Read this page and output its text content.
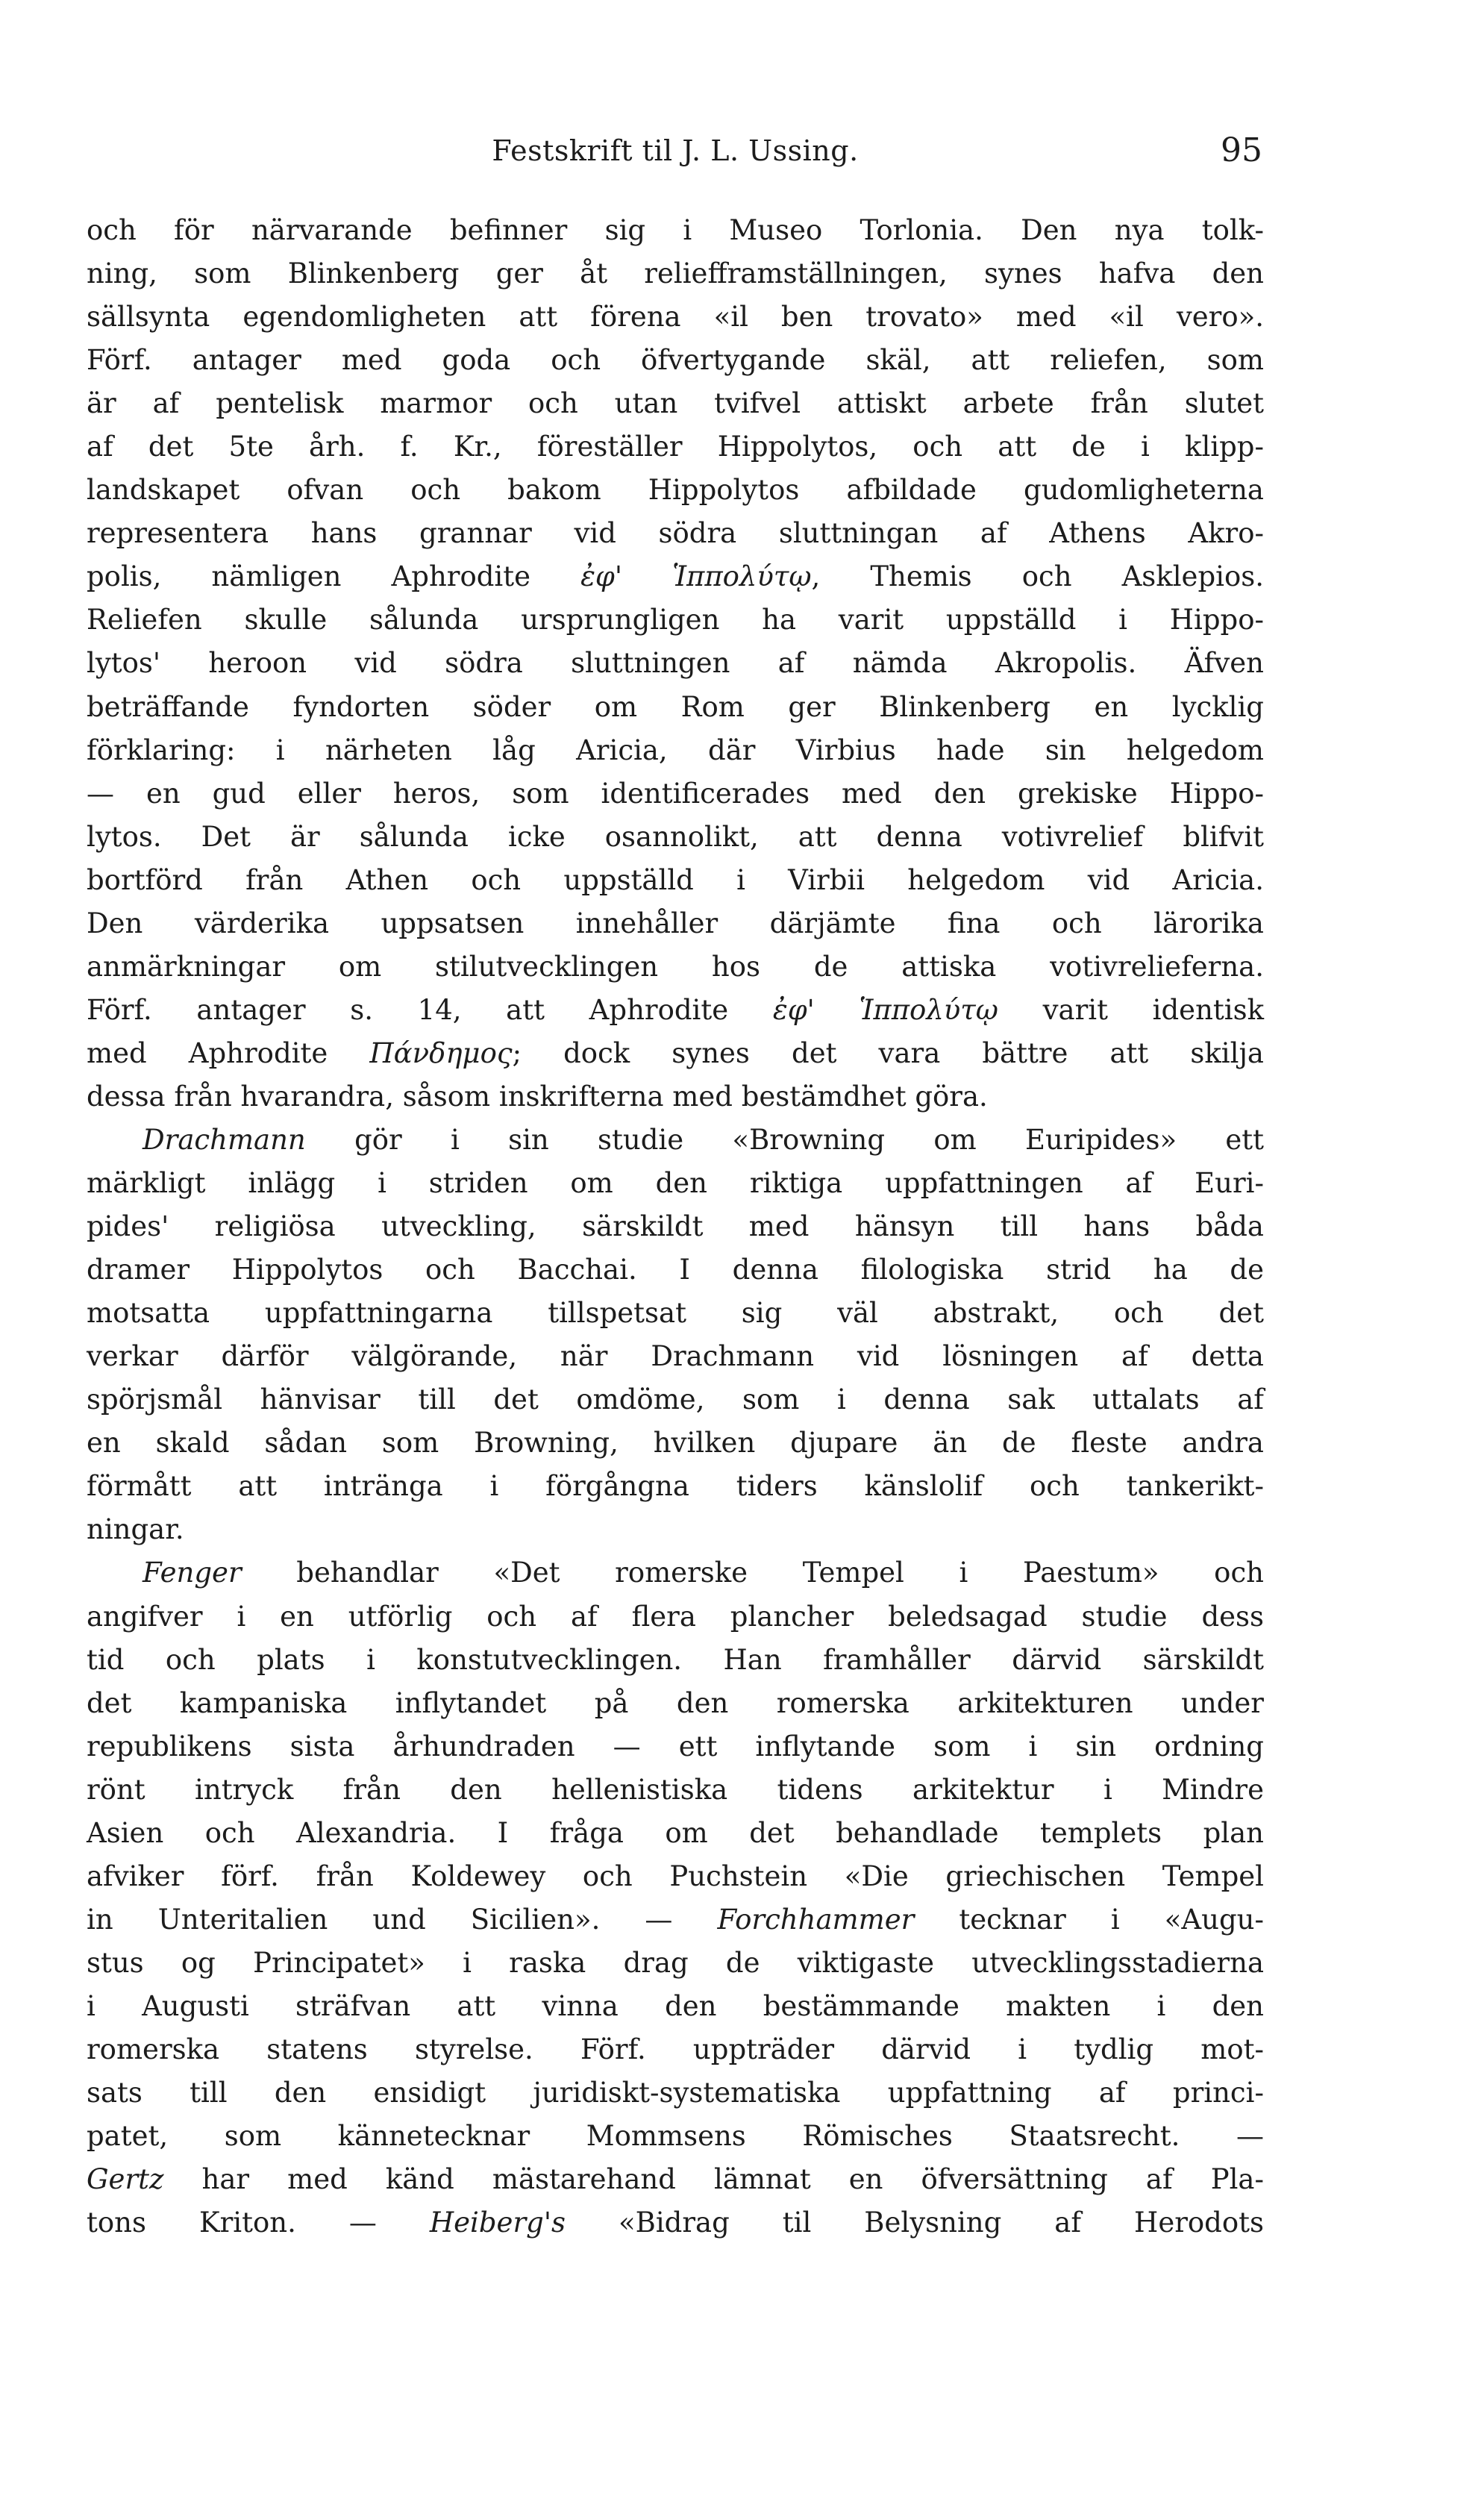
Festskrift til J. L. Ussing.	95
och för närvarande befinner sig i Museo Torlonia. Den nya tolk-
ning, som Blinkenberg ger åt reliefframställningen, synes hafva den
sällsynta egendomligheten att förena «il ben trovato» med «il vero».
Förf. antager med goda och öfvertygande skäl, att reliefen, som
är af pentelisk marmor och utan tvifvel attiskt arbete från slutet
af det 5te årh. f. Kr., föreställer Hippolytos, och att de i klipp-
landskapet ofvan och bakom Hippolytos afbildade gudomligheterna
representera hans grannar vid södra sluttningan af Athens Akro-
polis, nämligen Aphrodite ἐφ' Ἱππολύτῳ, Themis och Asklepios.
Reliefen skulle sålunda ursprungligen ha varit uppställd i Hippo-
lytos' heroon vid södra sluttningen af nämda Akropolis. Äfven
beträffande fyndorten söder om Rom ger Blinkenberg en lycklig
förklaring: i närheten låg Aricia, där Virbius hade sin helgedom
— en gud eller heros, som identificerades med den grekiske Hippo-
lytos. Det är sålunda icke osannolikt, att denna votivrelief blifvit
bortförd från Athen och uppställd i Virbii helgedom vid Aricia.
Den värderika uppsatsen innehåller därjämte fina och lärorika
anmärkningar om stilutvecklingen hos de attiska votivrelieferna.
Förf. antager s. 14, att Aphrodite ἐφ' Ἱππολύτῳ varit identisk
med Aphrodite Πάνδημος; dock synes det vara bättre att skilja
dessa från hvarandra, såsom inskrifterna med bestämdhet göra.
Drachmann gör i sin studie «Browning om Euripides» ett
märkligt inlägg i striden om den riktiga uppfattningen af Euri-
pides' religiösa utveckling, särskildt med hänsyn till hans båda
dramer Hippolytos och Bacchai. I denna filologiska strid ha de
motsatta uppfattningarna tillspetsat sig väl abstrakt, och det
verkar därför välgörande, när Drachmann vid lösningen af detta
spörjsmål hänvisar till det omdöme, som i denna sak uttalats af
en skald sådan som Browning, hvilken djupare än de fleste andra
förmått att intränga i förgångna tiders känslolif och tankerikt-
ningar.
Fenger behandlar «Det romerske Tempel i Paestum» och
angifver i en utförlig och af flera plancher beledsagad studie dess
tid och plats i konstutvecklingen. Han framhåller därvid särskildt
det kampaniska inflytandet på den romerska arkitekturen under
republikens sista århundraden — ett inflytande som i sin ordning
rönt intryck från den hellenistiska tidens arkitektur i Mindre
Asien och Alexandria. I fråga om det behandlade templets plan
afviker förf. från Koldewey och Puchstein «Die griechischen Tempel
in Unteritalien und Sicilien». — Forchhammer tecknar i «Augu-
stus og Principatet» i raska drag de viktigaste utvecklingsstadierna
i Augusti sträfvan att vinna den bestämmande makten i den
romerska statens styrelse. Förf. uppträder därvid i tydlig mot-
sats till den ensidigt juridiskt-systematiska uppfattning af princi-
patet, som kännetecknar Mommsens Römisches Staatsrecht. —
Gertz har med känd mästarehand lämnat en öfversättning af Pla-
tons Kriton. — Heiberg's «Bidrag til Belysning af Herodots
